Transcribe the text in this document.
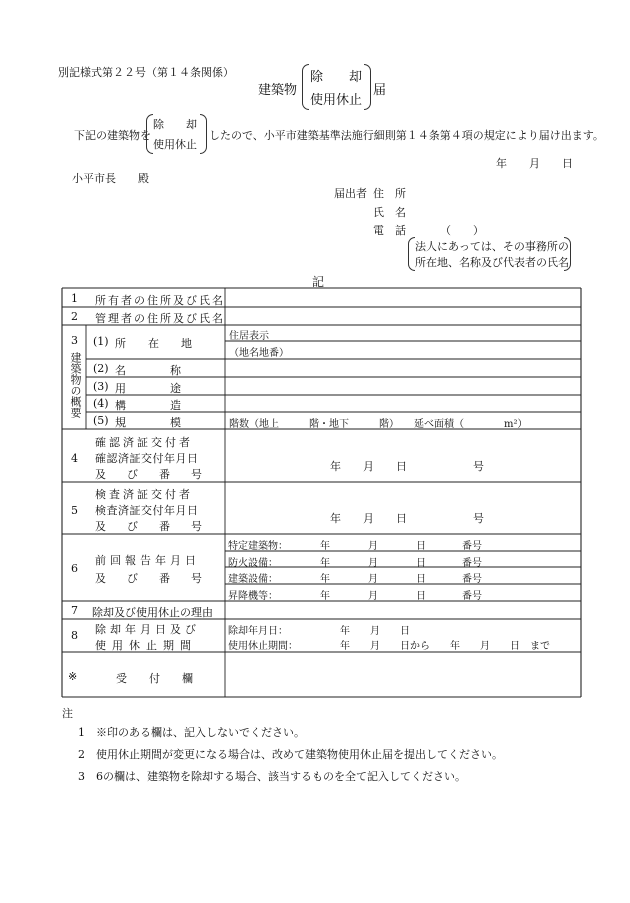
別記様式第２２号（第１４条関係）
建築物
除　　却
使用休止
届
下記の建築物を
除　　却
使用休止
したので、小平市建築基準法施行細則第１４条第４項の規定により届け出ます。
年　　月　　日
小平市長　　殿
届出者 住　所
氏　名
電　話	（　　）
法人にあっては、その事務所の
所在地、名称及び代表者の氏名
記
1 所有者の住所及び氏名
2 管理者の住所及び氏名
3
建築物の概要
(1) 所　　在　　地
住居表示
（地名地番）
(2) 名　　　　称
(3) 用　　　　途
(4) 構　　　　造
(5) 規　　　　模	階数（地上　　　階・地下　　　階）　　延べ面積（　　　　m²）
4
確認済証交付者
確認済証交付年月日
及　び　番　号
年　　月　　日　　　　　　号
5
検査済証交付者
検査済証交付年月日
及　び　番　号
年　　月　　日　　　　　　号
6
前回報告年月日
及　び　番　号
特定建築物：	年	月	日	番号
防火設備：	年	月	日	番号
建築設備：	年	月	日	番号
昇降機等：	年	月	日	番号
7 除却及び使用休止の理由
8 除却年月日及び
使用休止期間
除却年月日：	年　　月　　日
使用休止期間：	年　　月　　日から　　年　　月　　日　まで
※	受　　付　　欄
注
1　※印のある欄は、記入しないでください。
2　使用休止期間が変更になる場合は、改めて建築物使用休止届を提出してください。
3　6の欄は、建築物を除却する場合、該当するものを全て記入してください。
